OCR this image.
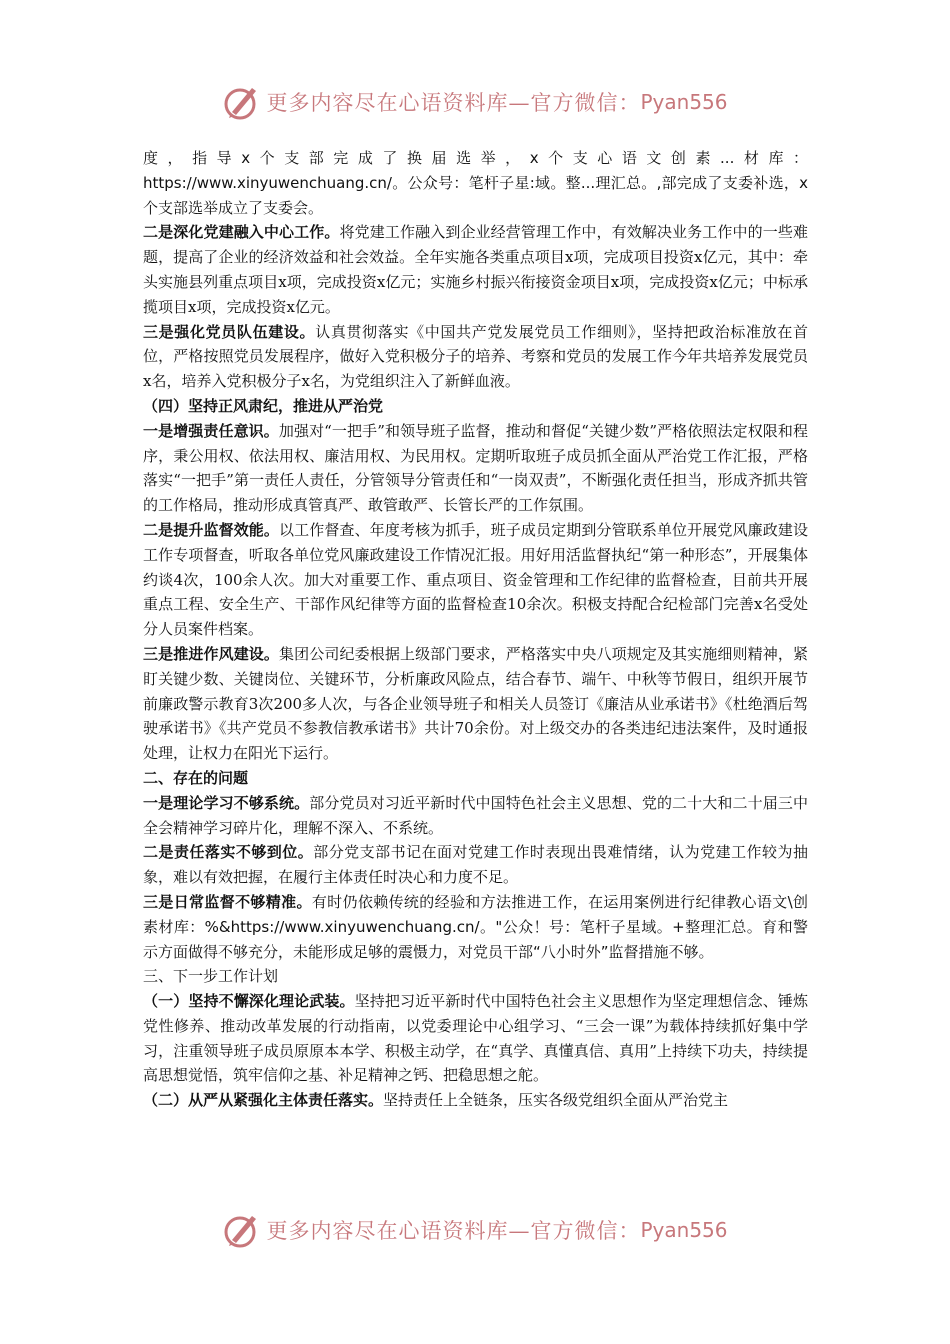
更多内容尽在心语资料库—官方微信： Pyan556

度，指导x个支部完成了换届选举，x个支心语文创素...材库：https://www.xinyuwenchuang.cn/。公众号：笔杆子星:域。整...理汇总。,部完成了支委补选，x个支部选举成立了支委会。

二是深化党建融入中心工作。将党建工作融入到企业经营管理工作中，有效解决业务工作中的一些难题，提高了企业的经济效益和社会效益。全年实施各类重点项目x项，完成项目投资x亿元，其中：牵头实施县列重点项目x项，完成投资x亿元；实施乡村振兴衔接资金项目x项，完成投资x亿元；中标承揽项目x项，完成投资x亿元。

三是强化党员队伍建设。认真贯彻落实《中国共产党发展党员工作细则》，坚持把政治标准放在首位，严格按照党员发展程序，做好入党积极分子的培养、考察和党员的发展工作今年共培养发展党员x名，培养入党积极分子x名，为党组织注入了新鲜血液。

（四）坚持正风肃纪，推进从严治党

一是增强责任意识。加强对“一把手”和领导班子监督，推动和督促“关键少数”严格依照法定权限和程序，秉公用权、依法用权、廉洁用权、为民用权。定期听取班子成员抓全面从严治党工作汇报，严格落实“一把手”第一责任人责任，分管领导分管责任和“一岗双责”，不断强化责任担当，形成齐抓共管的工作格局，推动形成真管真严、敢管敢严、长管长严的工作氛围。

二是提升监督效能。以工作督查、年度考核为抓手，班子成员定期到分管联系单位开展党风廉政建设工作专项督查，听取各单位党风廉政建设工作情况汇报。用好用活监督执纪“第一种形态”，开展集体约谈4次，100余人次。加大对重要工作、重点项目、资金管理和工作纪律的监督检查，目前共开展重点工程、安全生产、干部作风纪律等方面的监督检查10余次。积极支持配合纪检部门完善x名受处分人员案件档案。

三是推进作风建设。集团公司纪委根据上级部门要求，严格落实中央八项规定及其实施细则精神，紧盯关键少数、关键岗位、关键环节，分析廉政风险点，结合春节、端午、中秋等节假日，组织开展节前廉政警示教育3次200多人次，与各企业领导班子和相关人员签订《廉洁从业承诺书》《杜绝酒后驾驶承诺书》《共产党员不参教信教承诺书》共计70余份。对上级交办的各类违纪违法案件，及时通报处理，让权力在阳光下运行。

二、存在的问题

一是理论学习不够系统。部分党员对习近平新时代中国特色社会主义思想、党的二十大和二十届三中全会精神学习碎片化，理解不深入、不系统。

二是责任落实不够到位。部分党支部书记在面对党建工作时表现出畏难情绪，认为党建工作较为抽象，难以有效把握，在履行主体责任时决心和力度不足。

三是日常监督不够精准。有时仍依赖传统的经验和方法推进工作，在运用案例进行纪律教心语文\创素材库：%&https://www.xinyuwenchuang.cn/。"公众！号：笔杆子星域。+整理汇总。育和警示方面做得不够充分，未能形成足够的震慑力，对党员干部“八小时外”监督措施不够。

三、下一步工作计划

（一）坚持不懈深化理论武装。坚持把习近平新时代中国特色社会主义思想作为坚定理想信念、锤炼党性修养、推动改革发展的行动指南，以党委理论中心组学习、“三会一课”为载体持续抓好集中学习，注重领导班子成员原原本本学、积极主动学，在“真学、真懂真信、真用”上持续下功夫，持续提高思想觉悟，筑牢信仰之基、补足精神之钙、把稳思想之舵。

（二）从严从紧强化主体责任落实。坚持责任上全链条，压实各级党组织全面从严治党主

更多内容尽在心语资料库—官方微信： Pyan556
